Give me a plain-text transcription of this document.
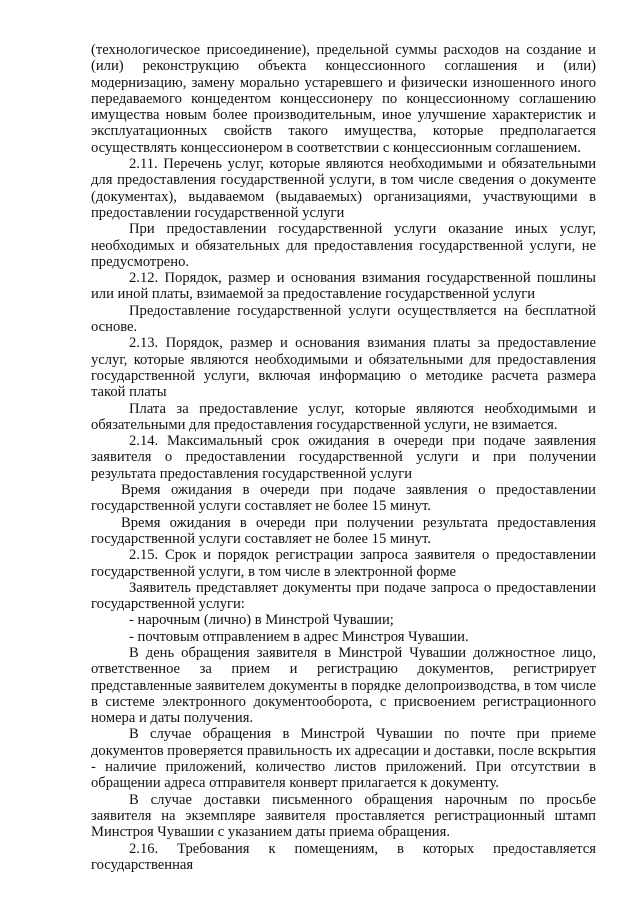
(технологическое присоединение), предельной суммы расходов на создание и (или) реконструкцию объекта концессионного соглашения и (или) модернизацию, замену морально устаревшего и физически изношенного иного передаваемого концедентом концессионеру по концессионному соглашению имущества новым более производительным, иное улучшение характеристик и эксплуатационных свойств такого имущества, которые предполагается осуществлять концессионером в соответствии с концессионным соглашением.

2.11. Перечень услуг, которые являются необходимыми и обязательными для предоставления государственной услуги, в том числе сведения о документе (документах), выдаваемом (выдаваемых) организациями, участвующими в предоставлении государственной услуги

При предоставлении государственной услуги оказание иных услуг, необходимых и обязательных для предоставления государственной услуги, не предусмотрено.

2.12. Порядок, размер и основания взимания государственной пошлины или иной платы, взимаемой за предоставление государственной услуги

Предоставление государственной услуги осуществляется на бесплатной основе.

2.13. Порядок, размер и основания взимания платы за предоставление услуг, которые являются необходимыми и обязательными для предоставления государственной услуги, включая информацию о методике расчета размера такой платы

Плата за предоставление услуг, которые являются необходимыми и обязательными для предоставления государственной услуги, не взимается.

2.14. Максимальный срок ожидания в очереди при подаче заявления заявителя о предоставлении государственной услуги и при получении результата предоставления государственной услуги

Время ожидания в очереди при подаче заявления о предоставлении государственной услуги составляет не более 15 минут.

Время ожидания в очереди при получении результата предоставления государственной услуги составляет не более 15 минут.

2.15. Срок и порядок регистрации запроса заявителя о предоставлении государственной услуги, в том числе в электронной форме

Заявитель представляет документы при подаче запроса о предоставлении государственной услуги:

- нарочным (лично) в Минстрой Чувашии;

- почтовым отправлением в адрес Минстроя Чувашии.

В день обращения заявителя в Минстрой Чувашии должностное лицо, ответственное за прием и регистрацию документов, регистрирует представленные заявителем документы в порядке делопроизводства, в том числе в системе электронного документооборота, с присвоением регистрационного номера и даты получения.

В случае обращения в Минстрой Чувашии по почте при приеме документов проверяется правильность их адресации и доставки, после вскрытия - наличие приложений, количество листов приложений. При отсутствии в обращении адреса отправителя конверт прилагается к документу.

В случае доставки письменного обращения нарочным по просьбе заявителя на экземпляре заявителя проставляется регистрационный штамп Минстроя Чувашии с указанием даты приема обращения.

2.16. Требования к помещениям, в которых предоставляется государственная
